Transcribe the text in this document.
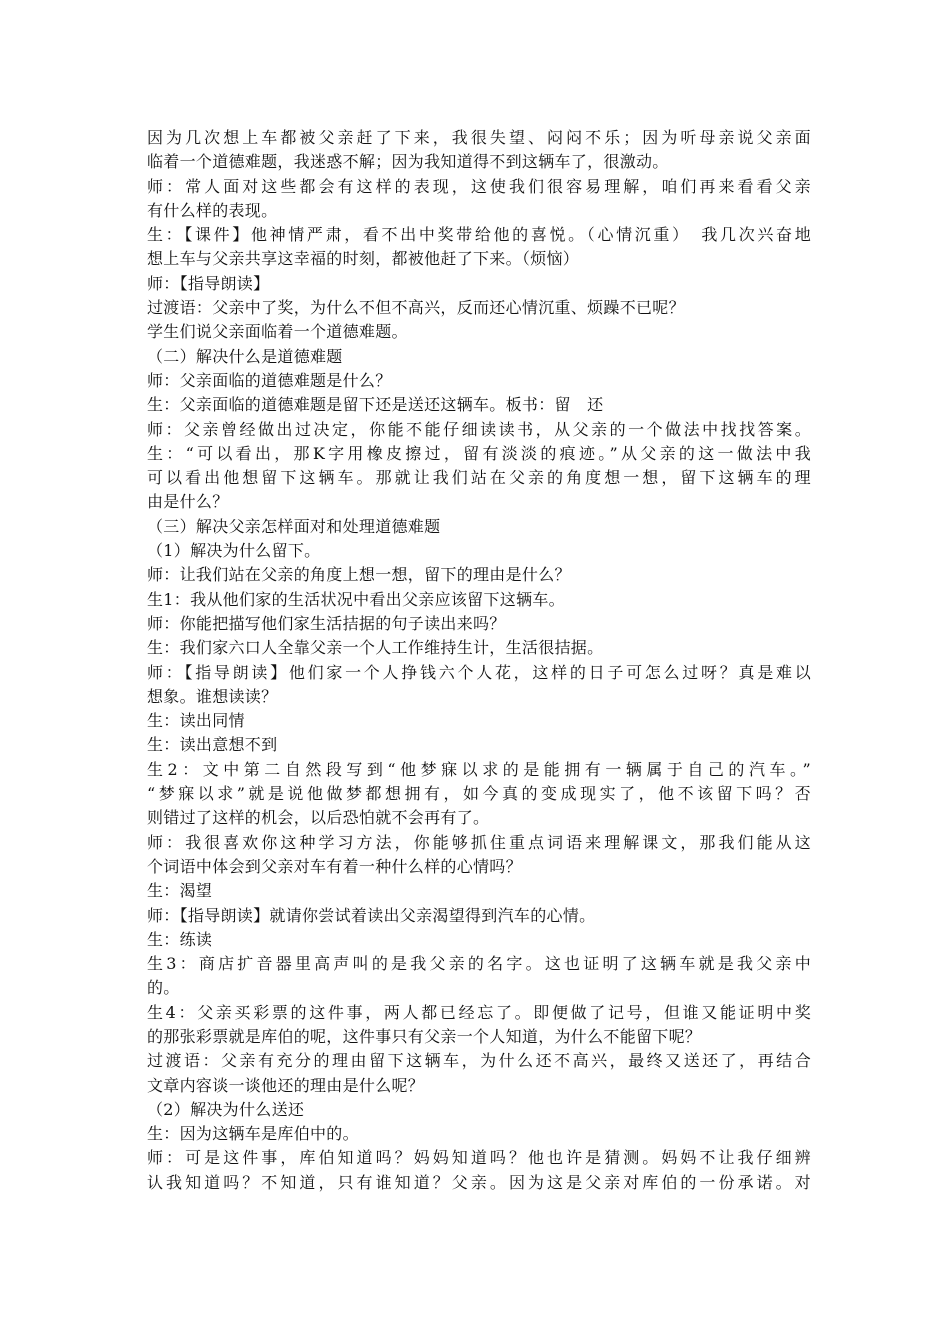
因为几次想上车都被父亲赶了下来，我很失望、闷闷不乐；因为听母亲说父亲面
临着一个道德难题，我迷惑不解；因为我知道得不到这辆车了，很激动。
师：常人面对这些都会有这样的表现，这使我们很容易理解，咱们再来看看父亲
有什么样的表现。
生：【课件】他神情严肃，看不出中奖带给他的喜悦。（心情沉重）　我几次兴奋地
想上车与父亲共享这幸福的时刻，都被他赶了下来。（烦恼）
师：【指导朗读】
过渡语：父亲中了奖，为什么不但不高兴，反而还心情沉重、烦躁不已呢？
学生们说父亲面临着一个道德难题。
（二）解决什么是道德难题
师：父亲面临的道德难题是什么？
生：父亲面临的道德难题是留下还是送还这辆车。板书：留　还
师：父亲曾经做出过决定，你能不能仔细读读书，从父亲的一个做法中找找答案。
生：“可以看出，那K字用橡皮擦过，留有淡淡的痕迹。”从父亲的这一做法中我
可以看出他想留下这辆车。那就让我们站在父亲的角度想一想，留下这辆车的理
由是什么？
（三）解决父亲怎样面对和处理道德难题
（1）解决为什么留下。
师：让我们站在父亲的角度上想一想，留下的理由是什么？
生1：我从他们家的生活状况中看出父亲应该留下这辆车。
师：你能把描写他们家生活拮据的句子读出来吗？
生：我们家六口人全靠父亲一个人工作维持生计，生活很拮据。
师：【指导朗读】他们家一个人挣钱六个人花，这样的日子可怎么过呀？真是难以
想象。谁想读读？
生：读出同情
生：读出意想不到
生2：文中第二自然段写到“他梦寐以求的是能拥有一辆属于自己的汽车。”
“梦寐以求”就是说他做梦都想拥有，如今真的变成现实了，他不该留下吗？否
则错过了这样的机会，以后恐怕就不会再有了。
师：我很喜欢你这种学习方法，你能够抓住重点词语来理解课文，那我们能从这
个词语中体会到父亲对车有着一种什么样的心情吗？
生：渴望
师：【指导朗读】就请你尝试着读出父亲渴望得到汽车的心情。
生：练读
生3：商店扩音器里高声叫的是我父亲的名字。这也证明了这辆车就是我父亲中
的。
生4：父亲买彩票的这件事，两人都已经忘了。即便做了记号，但谁又能证明中奖
的那张彩票就是库伯的呢，这件事只有父亲一个人知道，为什么不能留下呢？
过渡语：父亲有充分的理由留下这辆车，为什么还不高兴，最终又送还了，再结合
文章内容谈一谈他还的理由是什么呢？
（2）解决为什么送还
生：因为这辆车是库伯中的。
师：可是这件事，库伯知道吗？妈妈知道吗？他也许是猜测。妈妈不让我仔细辨
认我知道吗？不知道，只有谁知道？父亲。因为这是父亲对库伯的一份承诺。对
